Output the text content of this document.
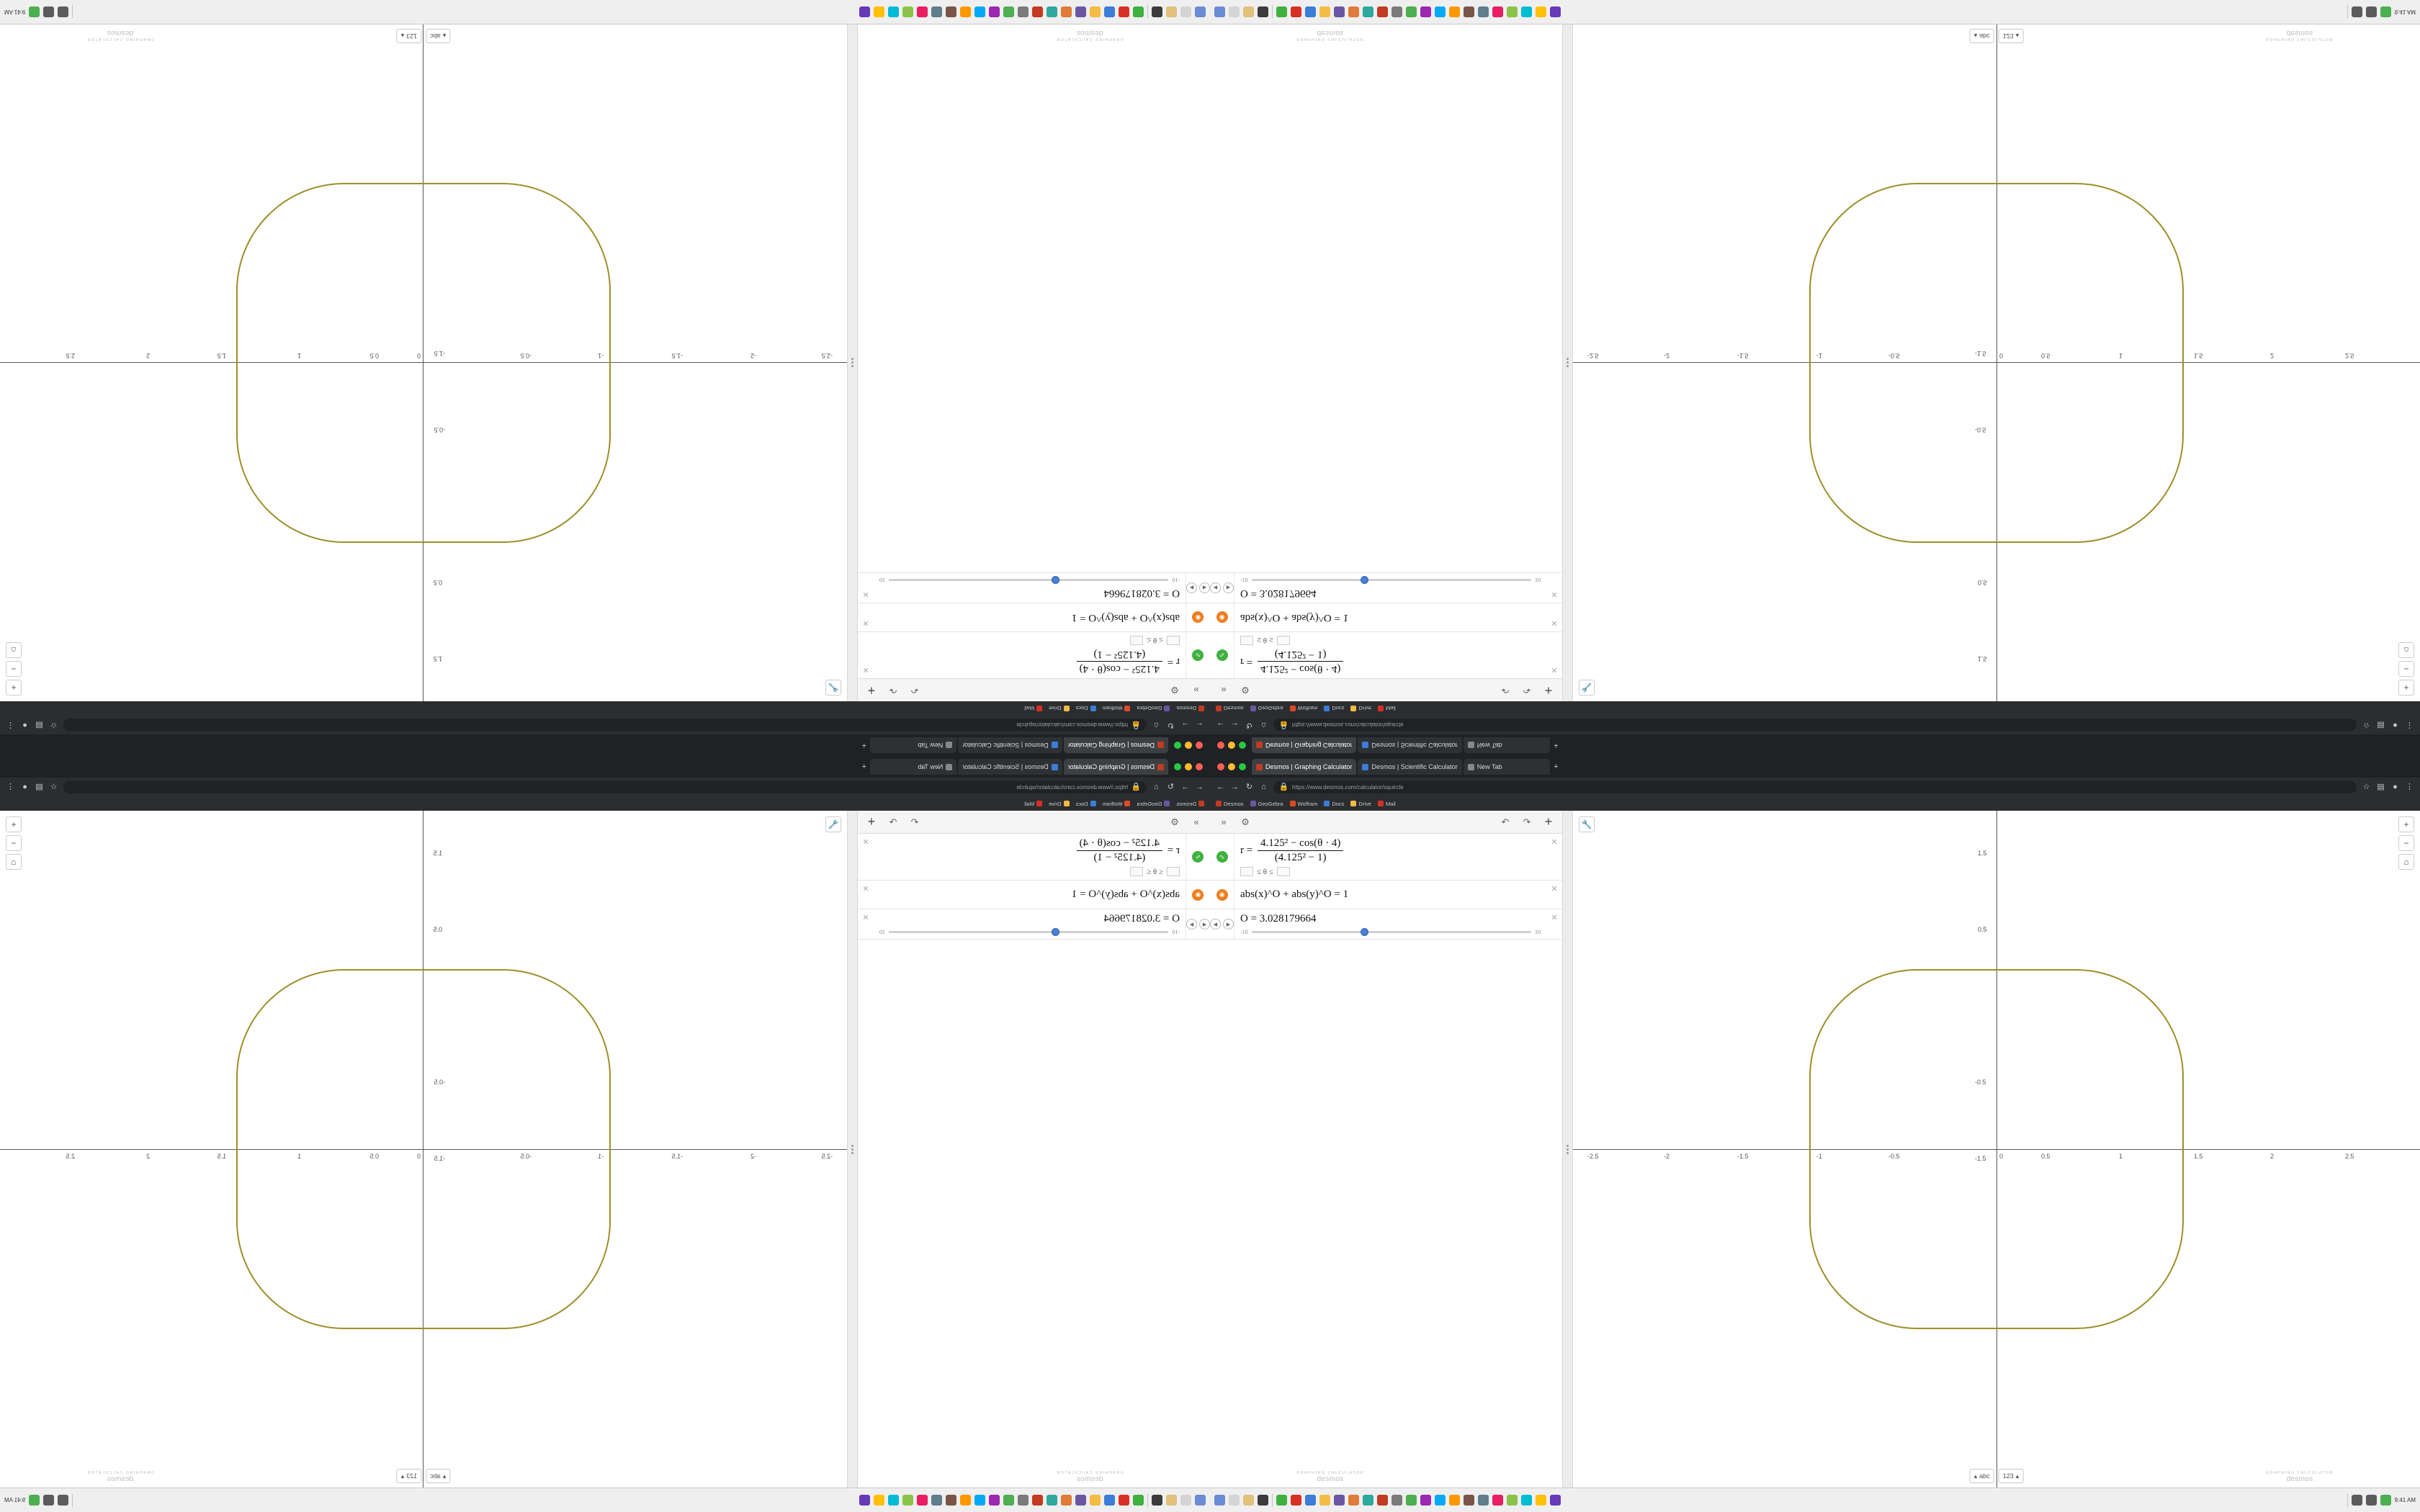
Desmos | Graphing Calculator
Desmos | Scientific Calculator
New Tab
+
←
→
↻
⌂
🔒
https://www.desmos.com/calculator/squircle
☆
▤
●
⋮
Desmos
GeoGebra
Wolfram
Docs
Drive
Mail
»
⚙
↶
↷
+
∿
r =
4.125² − cos(θ · 4)
(4.125² − 1)
≤ θ ≤
✕
◉
abs(x)^O + abs(y)^O = 1
✕
◀
▶
O = 3.028179664
-10
10
✕
-2.5
-2
-1.5
-1
-0.5
0
0.5
1
1.5
2
2.5
1.5
0.5
-0.5
-1.5
+
−
⌂
🔧
▴
abc
123
▴
GRAPHING CALCULATOR
desmos
GRAPHING CALCULATOR
desmos
9:41 AM
Desmos | Graphing Calculator	Desmos | Scientific Calculator	New Tab	+
← → ↻ ⌂ 🔒 https://www.desmos.com/calculator/squircle	☆ ▤ ● ⋮
Desmos	GeoGebra	Wolfram	Docs	Drive	Mail
»	⚙	↶	↷	+
∿
r =
4.125² − cos(θ · 4)
(4.125² − 1)
≤ θ ≤
✕
◉ abs(x)^O + abs(y)^O = 1	✕
◀	▶ O = 3.028179664
-10	10
✕
-2.5	-2	-1.5	-1	-0.5	0	0.5	1	1.5	2	2.5
1.5
0.5
-0.5
-1.5
+
−
⌂
🔧
▴ abc 123 ▴	GRAPHING CALCULATOR
desmos
GRAPHING CALCULATOR
desmos
9:41 AM
Desmos | Graphing Calculator
Desmos | Scientific Calculator
New Tab
+
←
→
↻
⌂
🔒
https://www.desmos.com/calculator/squircle
☆
▤
●
⋮
Desmos
GeoGebra
Wolfram
Docs
Drive
Mail
»
⚙
↶
↷
+
∿
r =
$\frac{\text{4.125² − cos(θ · 4)}}{\text{(4.125² − 1)}}$
≤ θ ≤
✕
◉
abs(x)^O + abs(y)^O = 1
✕
◀
▶
O = 3.028179664
-10
10
✕
-2.5
-2
-1.5
-1
-0.5
0
0.5
1
1.5
2
2.5
1.5
0.5
-0.5
-1.5
+
−
⌂
🔧
▴
abc
123
▴
GRAPHING CALCULATOR
desmos
GRAPHING CALCULATOR
desmos
9:41 AM
Desmos | Graphing Calculator	Desmos | Scientific Calculator	New Tab	+
← → ↻ ⌂ 🔒 https://www.desmos.com/calculator/squircle	☆ ▤ ● ⋮
Desmos	GeoGebra	Wolfram	Docs	Drive	Mail
»	⚙	↶	↷	+
∿
$r = \frac{\text{4.125² − cos(θ · 4)}}{\text{(4.125² − 1)}}$
≤ θ ≤
✕
◉ abs(x)^O + abs(y)^O = 1	✕
◀	▶ O = 3.028179664
-10	10
✕
-2.5	-2	-1.5	-1	-0.5	0	0.5	1	1.5	2	2.5
1.5
0.5
-0.5
-1.5
+
−
⌂
🔧
▴ abc 123 ▴	GRAPHING CALCULATOR
desmos
GRAPHING CALCULATOR
desmos
9:41 AM
